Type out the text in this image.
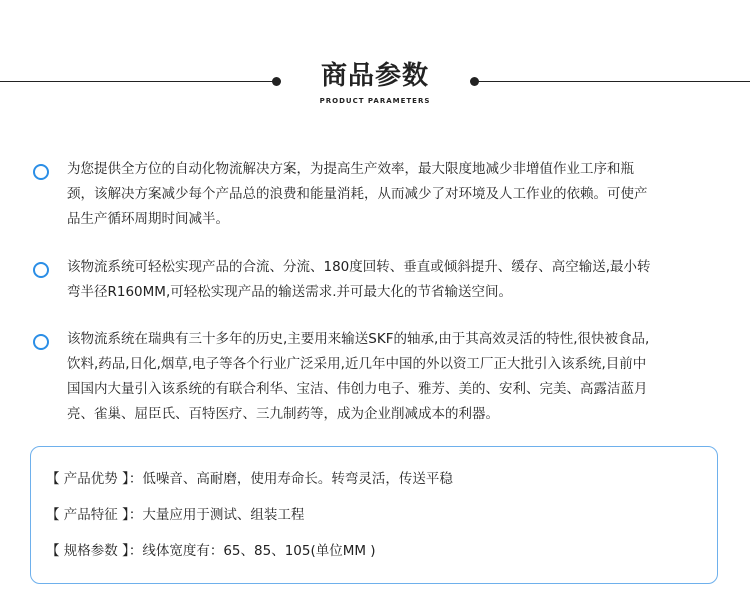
商品参数
PRODUCT PARAMETERS

为您提供全方位的自动化物流解决方案，为提高生产效率，最大限度地减少非增值作业工序和瓶
颈，该解决方案减少每个产品总的浪费和能量消耗，从而减少了对环境及人工作业的依赖。可使产
品生产循环周期时间减半。

该物流系统可轻松实现产品的合流、分流、180度回转、垂直或倾斜提升、缓存、高空输送,最小转
弯半径R160MM,可轻松实现产品的输送需求.并可最大化的节省输送空间。

该物流系统在瑞典有三十多年的历史,主要用来输送SKF的轴承,由于其高效灵活的特性,很快被食品,
饮料,药品,日化,烟草,电子等各个行业广泛采用,近几年中国的外以资工厂正大批引入该系统,目前中
国国内大量引入该系统的有联合利华、宝洁、伟创力电子、雅芳、美的、安利、完美、高露洁蓝月
亮、雀巢、屈臣氏、百特医疗、三九制药等，成为企业削减成本的利器。

【 产品优势 】：低噪音、高耐磨，使用寿命长。转弯灵活，传送平稳
【 产品特征 】：大量应用于测试、组装工程
【 规格参数 】：线体宽度有：65、85、105(单位MM )
